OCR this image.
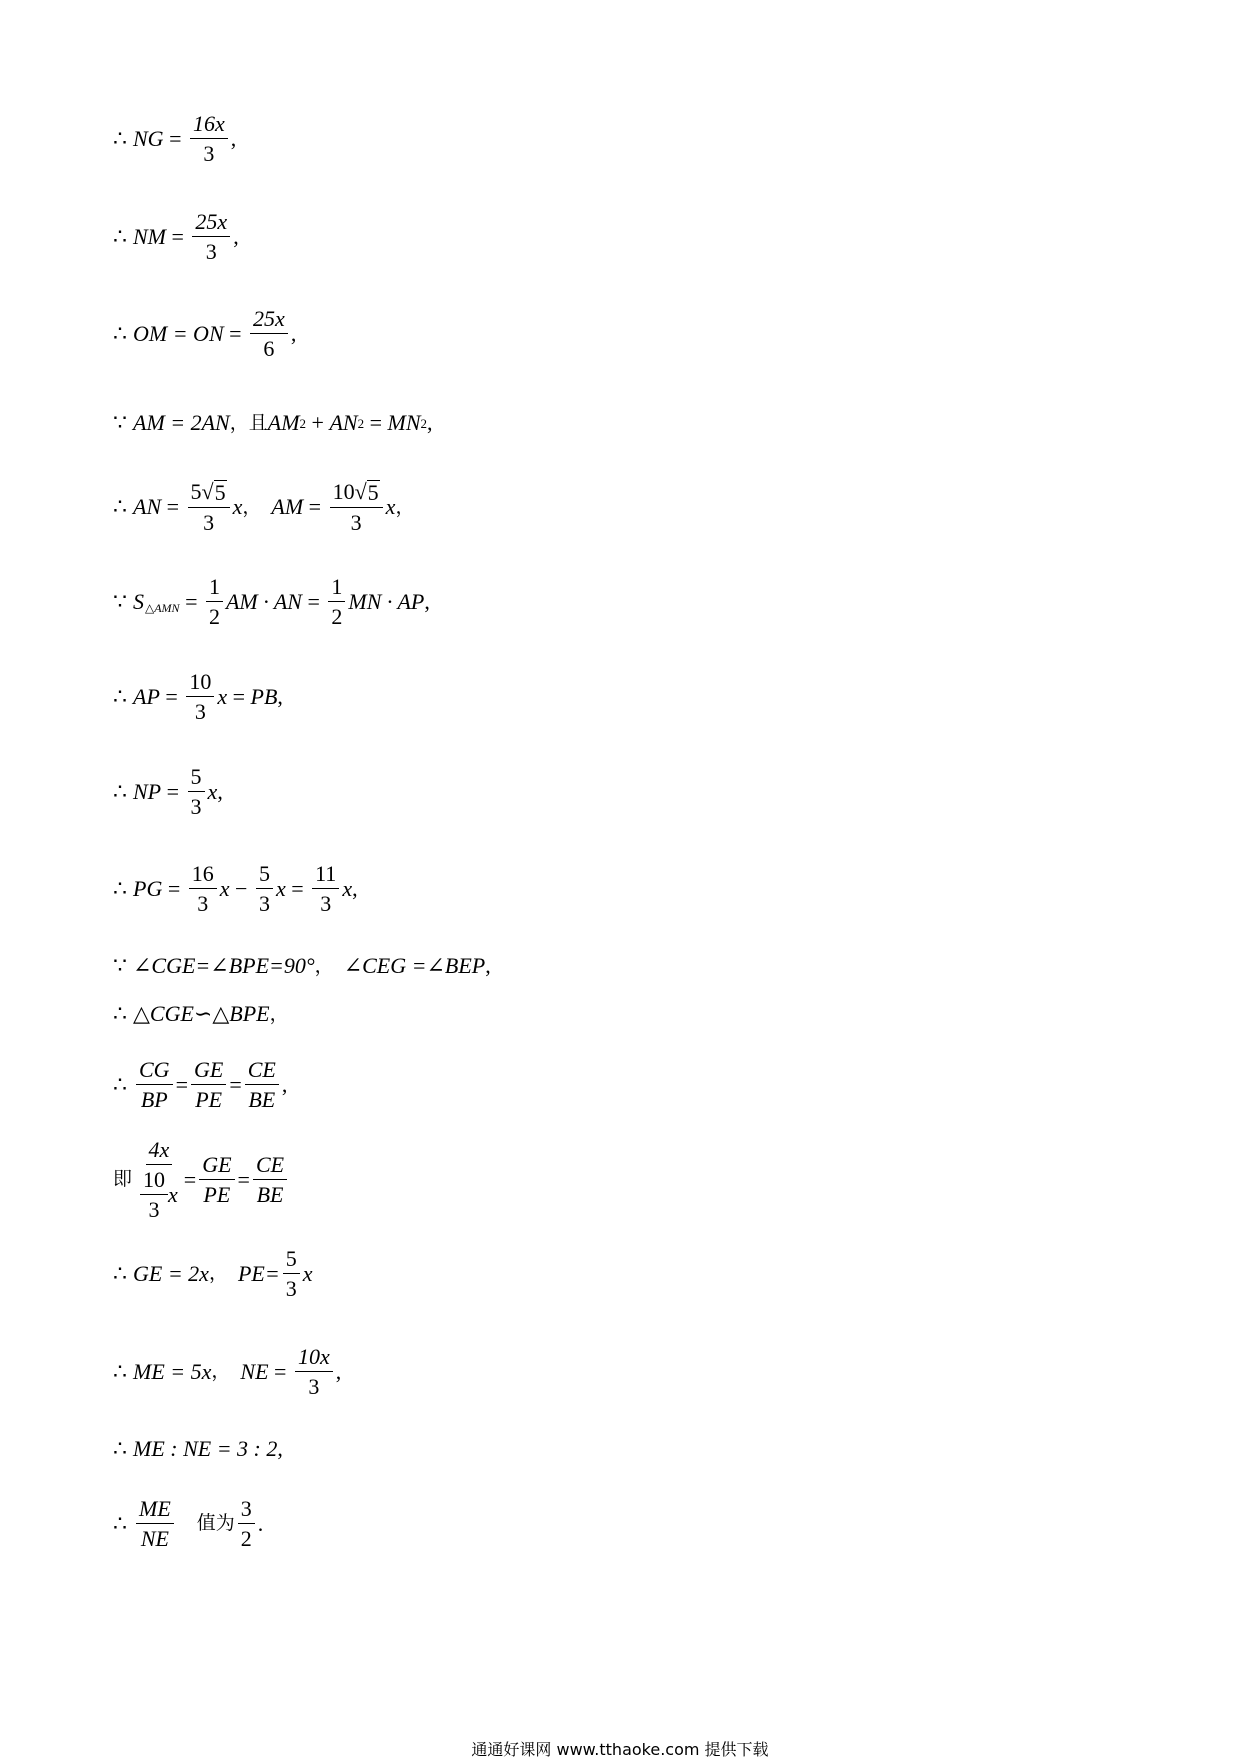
∴ NG = $\frac{16x}{3}$ ,
∴ NM = $\frac{25x}{3}$ ,
∴ OM = ON = $\frac{25x}{6}$ ,
∵ AM = 2AN ， 且 AM 2 + AN 2 = MN 2 ,
∴ AN = $\frac{5√ 5}{3}$ x ， AM = $\frac{10√ 5}{3}$ x ，
∵ S △AMN = $\frac{1}{2}$ AM · AN = $\frac{1}{2}$ MN · AP ,
∴ AP = $\frac{10}{3}$ x = PB ,
∴ NP = $\frac{5}{3}$ x ,
∴ PG = $\frac{16}{3}$ $x - \frac{5}{3}$ $x = \frac{11}{3}$ x ,
∵ ∠CGE=∠BPE=90° ， ∠CEG =∠BEP ,
∴ △CGE∽△BPE ，
∴ $\frac{CG}{BP} = \frac{GE}{PE} = \frac{CE}{BE}$ ,
即 $\frac{4x}{\frac{10}{3} x} = \frac{GE}{PE} = \frac{CE}{BE}$
∴ GE = 2x ， $PE= \frac{5}{3}$ x
∴ ME = 5x ， NE = $\frac{10x}{3}$ ,
∴ ME : NE = 3 : 2 ,
∴ $\frac{ME}{NE}$ 值为 $\frac{3}{2}$ .
通通好课网 www.tthaoke.com 提供下载
